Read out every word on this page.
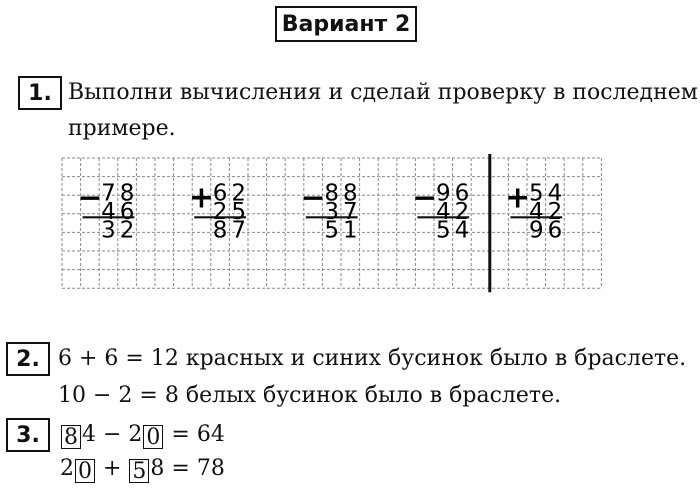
Вариант 2
1. Выполни вычисления и сделай проверку в последнем
примере.
−
7 8
4 6
3 2
+
6 2
2 5
8 7
−
8 8
3 7
5 1
−
9 6
4 2
5 4
+
5 4
4 2
9 6
2. 6 + 6 = 12 красных и синих бусинок было в браслете.
10 − 2 = 8 белых бусинок было в браслете.
3.	8 4 − 2 0 = 64
2 0 + 5 8 = 78
